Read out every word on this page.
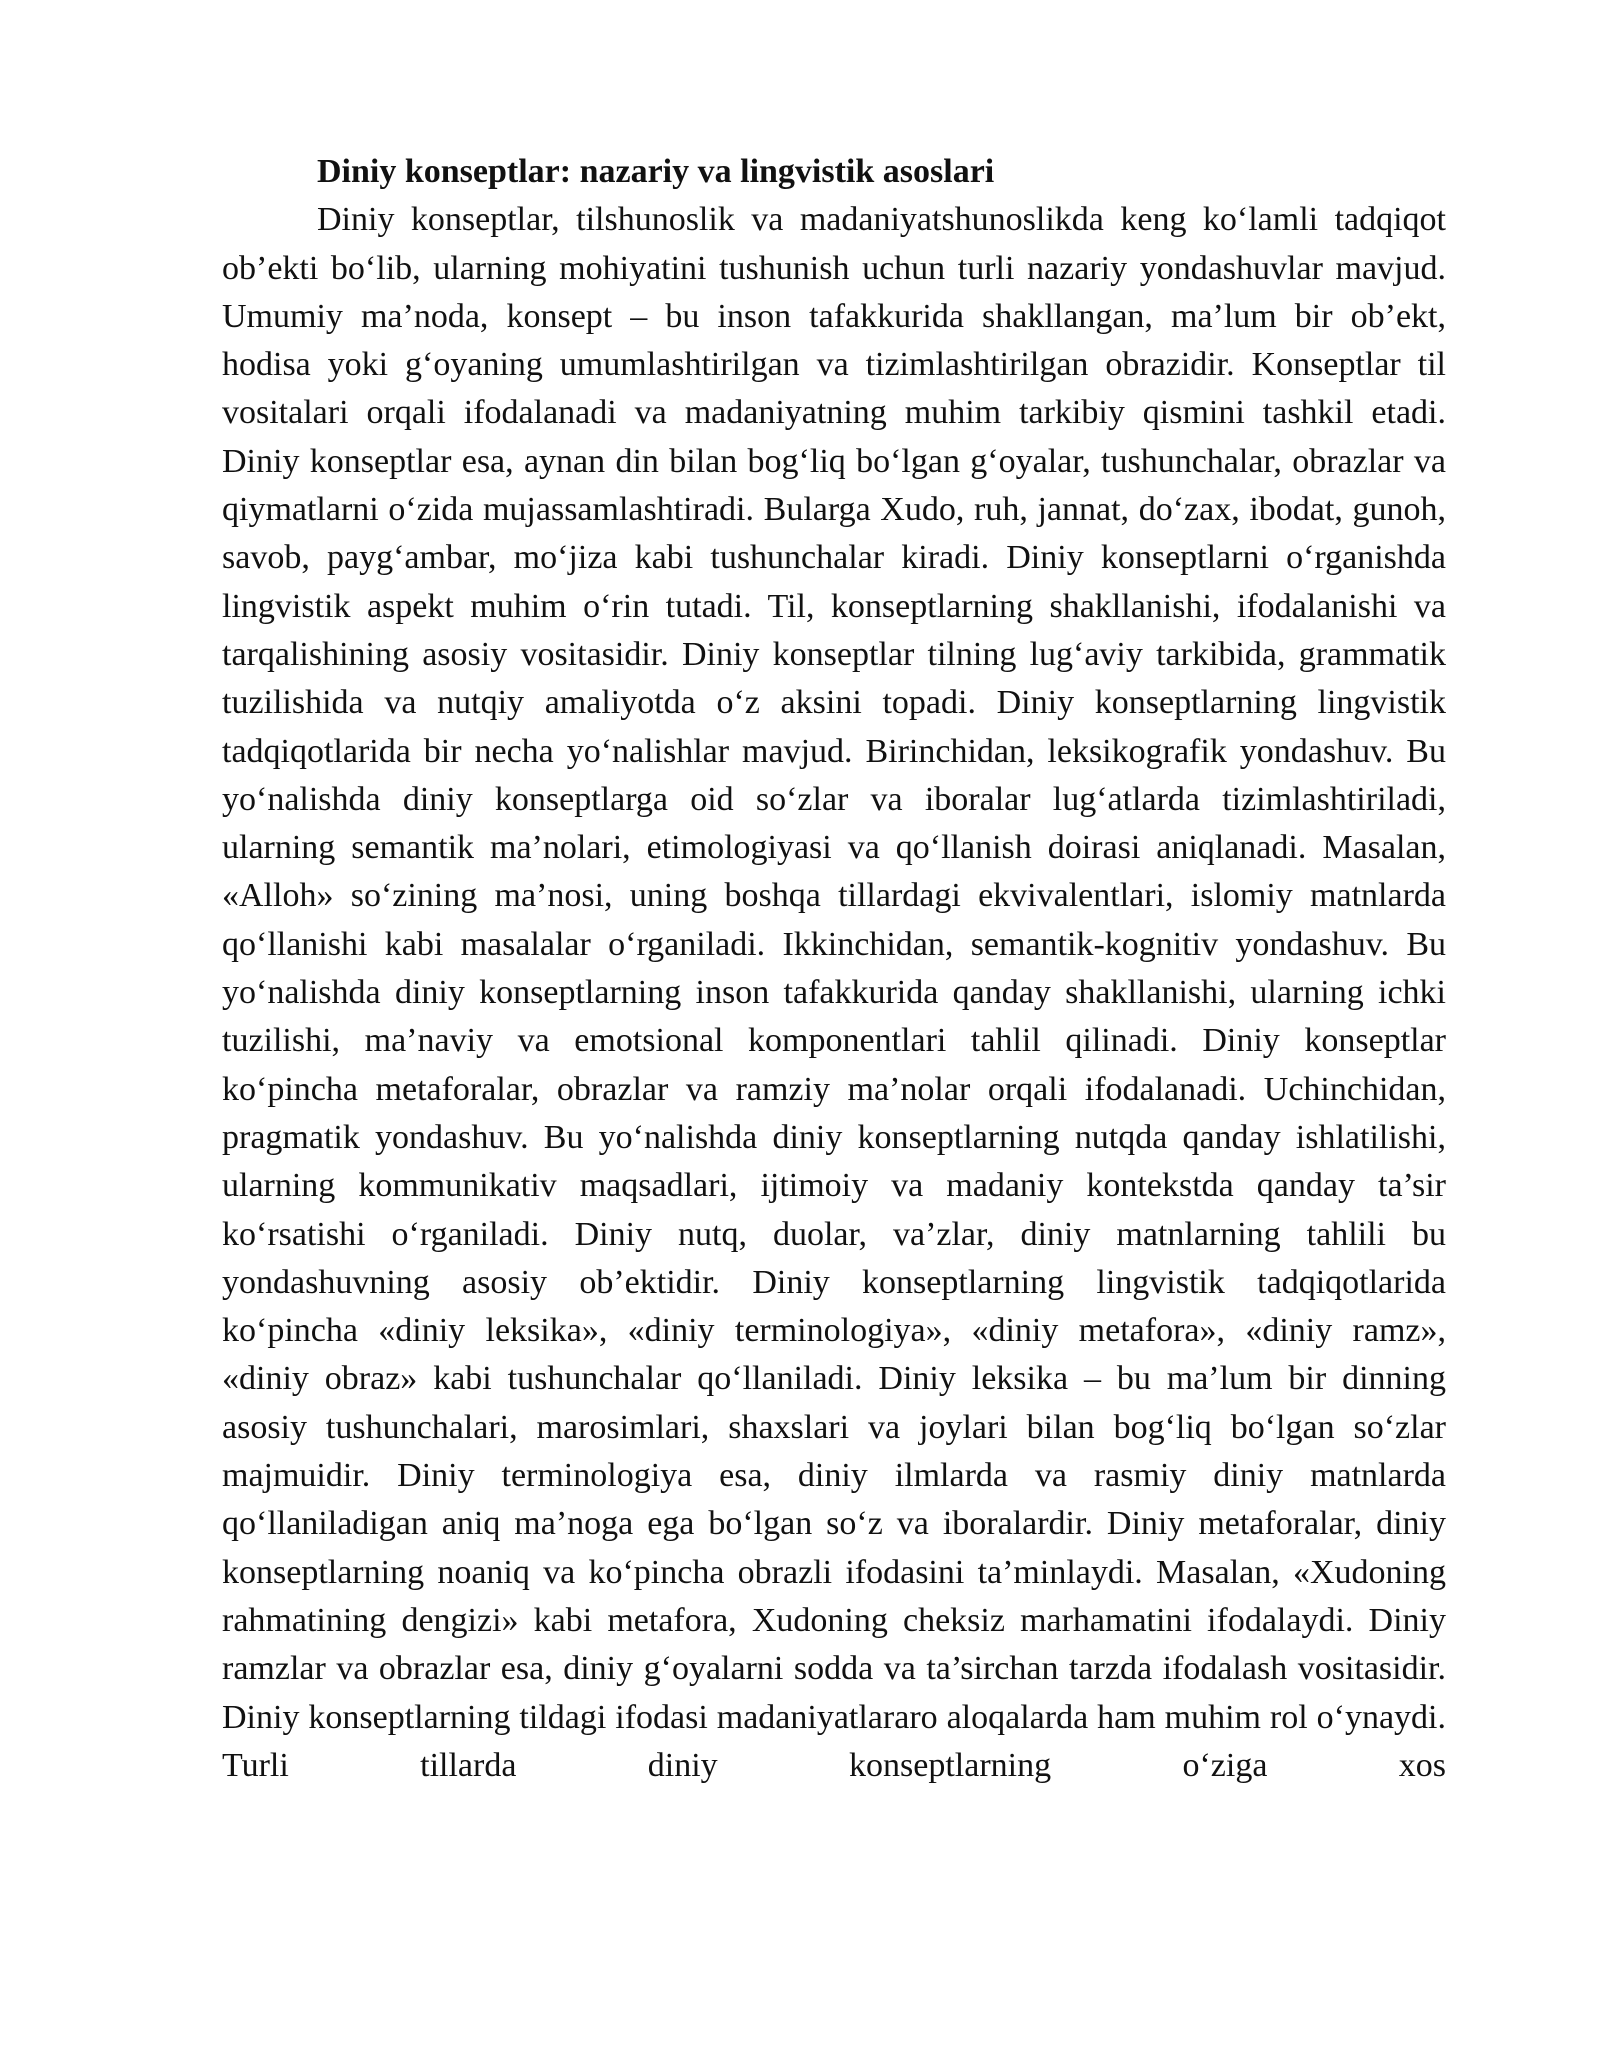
Diniy konseptlar: nazariy va lingvistik asoslari

Diniy konseptlar, tilshunoslik va madaniyatshunoslikda keng ko‘lamli tadqiqot ob’ekti bo‘lib, ularning mohiyatini tushunish uchun turli nazariy yondashuvlar mavjud. Umumiy ma’noda, konsept – bu inson tafakkurida shakllangan, ma’lum bir ob’ekt, hodisa yoki g‘oyaning umumlashtirilgan va tizimlashtirilgan obrazidir. Konseptlar til vositalari orqali ifodalanadi va madaniyatning muhim tarkibiy qismini tashkil etadi. Diniy konseptlar esa, aynan din bilan bog‘liq bo‘lgan g‘oyalar, tushunchalar, obrazlar va qiymatlarni o‘zida mujassamlashtiradi. Bularga Xudo, ruh, jannat, do‘zax, ibodat, gunoh, savob, payg‘ambar, mo‘jiza kabi tushunchalar kiradi. Diniy konseptlarni o‘rganishda lingvistik aspekt muhim o‘rin tutadi. Til, konseptlarning shakllanishi, ifodalanishi va tarqalishining asosiy vositasidir. Diniy konseptlar tilning lug‘aviy tarkibida, grammatik tuzilishida va nutqiy amaliyotda o‘z aksini topadi. Diniy konseptlarning lingvistik tadqiqotlarida bir necha yo‘nalishlar mavjud. Birinchidan, leksikografik yondashuv. Bu yo‘nalishda diniy konseptlarga oid so‘zlar va iboralar lug‘atlarda tizimlashtiriladi, ularning semantik ma’nolari, etimologiyasi va qo‘llanish doirasi aniqlanadi. Masalan, «Alloh» so‘zining ma’nosi, uning boshqa tillardagi ekvivalentlari, islomiy matnlarda qo‘llanishi kabi masalalar o‘rganiladi. Ikkinchidan, semantik-kognitiv yondashuv. Bu yo‘nalishda diniy konseptlarning inson tafakkurida qanday shakllanishi, ularning ichki tuzilishi, ma’naviy va emotsional komponentlari tahlil qilinadi. Diniy konseptlar ko‘pincha metaforalar, obrazlar va ramziy ma’nolar orqali ifodalanadi. Uchinchidan, pragmatik yondashuv. Bu yo‘nalishda diniy konseptlarning nutqda qanday ishlatilishi, ularning kommunikativ maqsadlari, ijtimoiy va madaniy kontekstda qanday ta’sir ko‘rsatishi o‘rganiladi. Diniy nutq, duolar, va’zlar, diniy matnlarning tahlili bu yondashuvning asosiy ob’ektidir. Diniy konseptlarning lingvistik tadqiqotlarida ko‘pincha «diniy leksika», «diniy terminologiya», «diniy metafora», «diniy ramz», «diniy obraz» kabi tushunchalar qo‘llaniladi. Diniy leksika – bu ma’lum bir dinning asosiy tushunchalari, marosimlari, shaxslari va joylari bilan bog‘liq bo‘lgan so‘zlar majmuidir. Diniy terminologiya esa, diniy ilmlarda va rasmiy diniy matnlarda qo‘llaniladigan aniq ma’noga ega bo‘lgan so‘z va iboralardir. Diniy metaforalar, diniy konseptlarning noaniq va ko‘pincha obrazli ifodasini ta’minlaydi. Masalan, «Xudoning rahmatining dengizi» kabi metafora, Xudoning cheksiz marhamatini ifodalaydi. Diniy ramzlar va obrazlar esa, diniy g‘oyalarni sodda va ta’sirchan tarzda ifodalash vositasidir. Diniy konseptlarning tildagi ifodasi madaniyatlararo aloqalarda ham muhim rol o‘ynaydi. Turli tillarda diniy konseptlarning o‘ziga xos
